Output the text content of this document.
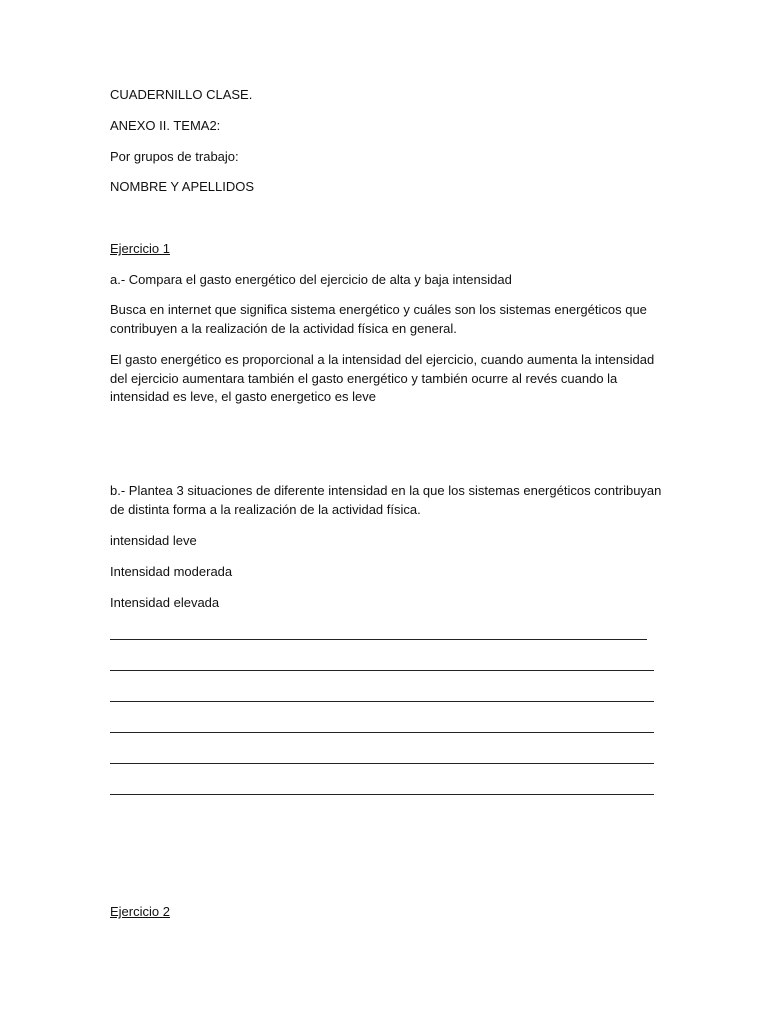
CUADERNILLO CLASE.

ANEXO II. TEMA2:

Por grupos de trabajo:

NOMBRE Y APELLIDOS

Ejercicio 1

a.- Compara el gasto energético del ejercicio de alta y baja intensidad

Busca en internet que significa sistema energético y cuáles son los sistemas energéticos que contribuyen a la realización de la actividad física en general.

El gasto energético es proporcional a la intensidad del ejercicio, cuando aumenta la intensidad del ejercicio aumentara también el gasto energético y también ocurre al revés cuando la intensidad es leve, el gasto energetico es leve

b.- Plantea 3 situaciones de diferente intensidad en la que los sistemas energéticos contribuyan de distinta forma a la realización de la actividad física.

intensidad leve

Intensidad moderada

Intensidad elevada

Ejercicio 2
